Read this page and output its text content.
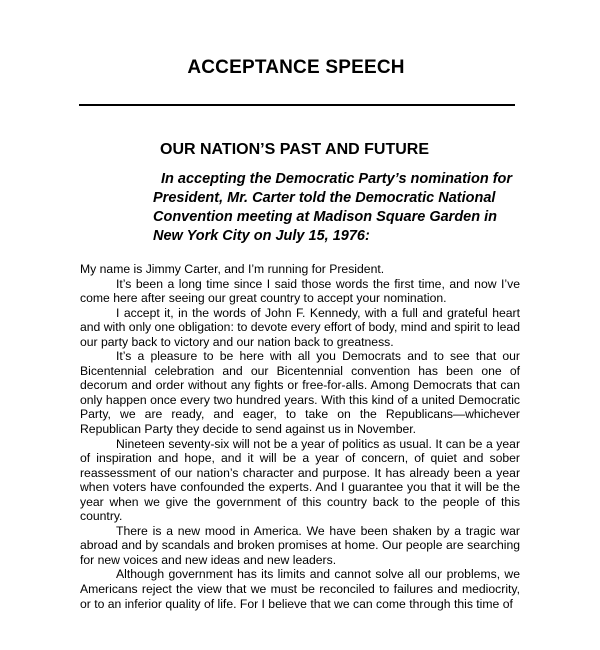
ACCEPTANCE SPEECH
OUR NATION’S PAST AND FUTURE
In accepting the Democratic Party’s nomination for
President, Mr. Carter told the Democratic National
Convention meeting at Madison Square Garden in
New York City on July 15, 1976:

My name is Jimmy Carter, and I’m running for President.

It’s been a long time since I said those words the first time, and now I’ve come here after seeing our great country to accept your nomination.

I accept it, in the words of John F. Kennedy, with a full and grateful heart and with only one obligation: to devote every effort of body, mind and spirit to lead our party back to victory and our nation back to greatness.

It’s a pleasure to be here with all you Democrats and to see that our Bicentennial celebration and our Bicentennial convention has been one of decorum and order without any fights or free-for-alls. Among Democrats that can only happen once every two hundred years. With this kind of a united Democratic Party, we are ready, and eager, to take on the Republicans—whichever Republican Party they decide to send against us in November.

Nineteen seventy-six will not be a year of politics as usual. It can be a year of inspiration and hope, and it will be a year of concern, of quiet and sober reassessment of our nation’s character and purpose. It has already been a year when voters have confounded the experts. And I guarantee you that it will be the year when we give the government of this country back to the people of this country.

There is a new mood in America. We have been shaken by a tragic war abroad and by scandals and broken promises at home. Our people are searching for new voices and new ideas and new leaders.

Although government has its limits and cannot solve all our problems, we Americans reject the view that we must be reconciled to failures and mediocrity, or to an inferior quality of life. For I believe that we can come through this time of
